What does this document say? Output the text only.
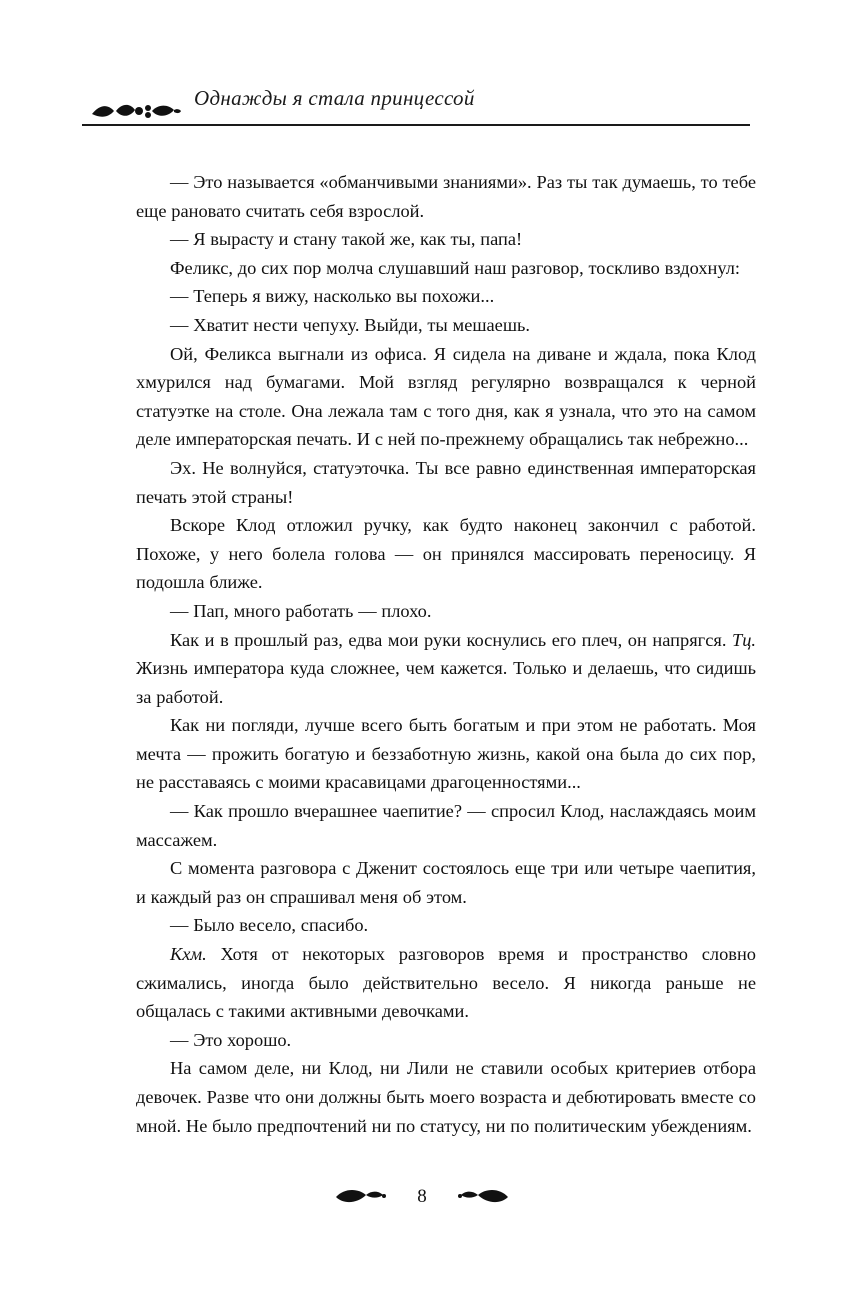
Однажды я стала принцессой

— Это называется «обманчивыми знаниями». Раз ты так думаешь, то тебе еще рановато считать себя взрослой.

— Я вырасту и стану такой же, как ты, папа!

Феликс, до сих пор молча слушавший наш разговор, тоскливо вздохнул:

— Теперь я вижу, насколько вы похожи...

— Хватит нести чепуху. Выйди, ты мешаешь.

Ой, Феликса выгнали из офиса. Я сидела на диване и ждала, пока Клод хмурился над бумагами. Мой взгляд регулярно возвращался к черной статуэтке на столе. Она лежала там с того дня, как я узнала, что это на самом деле императорская печать. И с ней по-прежнему обращались так небрежно...

Эх. Не волнуйся, статуэточка. Ты все равно единственная императорская печать этой страны!

Вскоре Клод отложил ручку, как будто наконец закончил с работой. Похоже, у него болела голова — он принялся массировать переносицу. Я подошла ближе.

— Пап, много работать — плохо.

Как и в прошлый раз, едва мои руки коснулись его плеч, он напрягся. Тц. Жизнь императора куда сложнее, чем кажется. Только и делаешь, что сидишь за работой.

Как ни погляди, лучше всего быть богатым и при этом не работать. Моя мечта — прожить богатую и беззаботную жизнь, какой она была до сих пор, не расставаясь с моими красавицами драгоценностями...

— Как прошло вчерашнее чаепитие? — спросил Клод, наслаждаясь моим массажем.

С момента разговора с Дженит состоялось еще три или четыре чаепития, и каждый раз он спрашивал меня об этом.

— Было весело, спасибо.

Кхм. Хотя от некоторых разговоров время и пространство словно сжимались, иногда было действительно весело. Я никогда раньше не общалась с такими активными девочками.

— Это хорошо.

На самом деле, ни Клод, ни Лили не ставили особых критериев отбора девочек. Разве что они должны быть моего возраста и дебютировать вместе со мной. Не было предпочтений ни по статусу, ни по политическим убеждениям.

8
